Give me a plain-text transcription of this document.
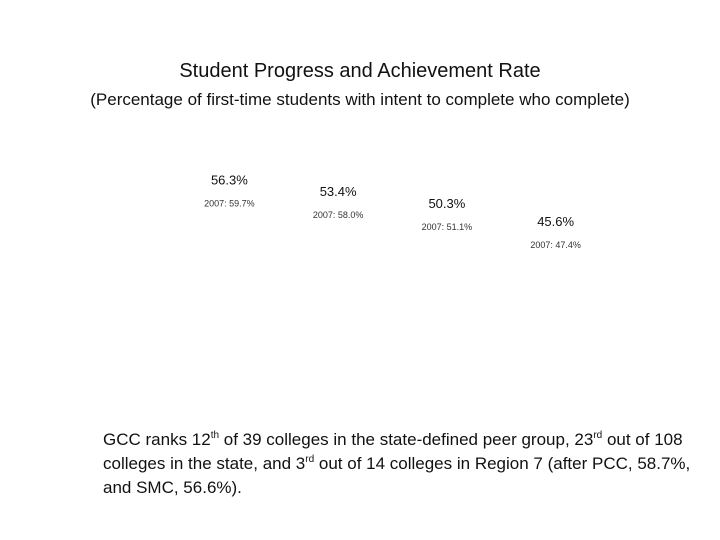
Student Progress and Achievement Rate
(Percentage of first-time students with intent to complete who complete)
56.3%
2007: 59.7%
53.4%
2007: 58.0%
50.3%
2007: 51.1%	45.6%
2007: 47.4%
GCC ranks 12th of 39 colleges in the state-defined peer group, 23rd out of 108 colleges in the state, and 3rd out of 14 colleges in Region 7 (after PCC, 58.7%, and SMC, 56.6%).
